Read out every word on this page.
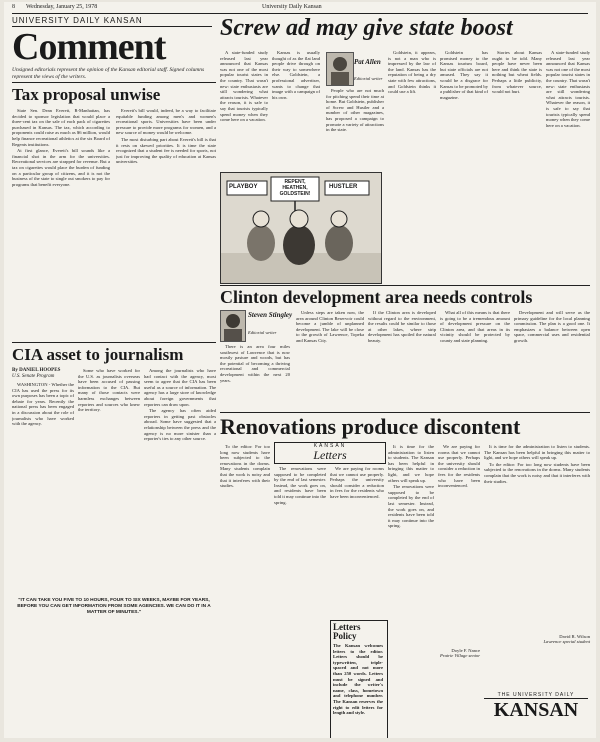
8 Wednesday, January 25, 1978	University Daily Kansan
UNIVERSITY DAILY KANSAN
Comment
Unsigned editorials represent the opinion of the Kansan editorial staff. Signed columns represent the views of the writers.
Screw ad may give state boost

A state-funded study released last year announced that Kansas was not one of the most popular tourist states in the country. That wasn't new: state enthusiasts are still wondering what attracts tourists. Whatever the reason, it is safe to say that tourists typically spend money when they come here on a vacation.

Kansas is usually thought of as the flat land people drive through on their way to somewhere else. Goldstein, a professional advertiser, wants to change that image with a campaign of his own.

Pat Allen
Editorial writer

People who are not much for pitching spend their time at home. But Goldstein, publisher of Screw and Hustler and a number of other magazines, has proposed a campaign to promote a variety of attractions in the state.

Goldstein, it appears, is not a man who is impressed by the law of the land. Kansas has the reputation of being a dry state with few attractions, and Goldstein thinks it could use a lift.

Goldstein has promised money to the Kansas tourism board, but state officials are not amused. They say it would be a disgrace for Kansas to be promoted by a publisher of that kind of magazine.

Stories about Kansas ought to be told. Many people have never been here and think the state is nothing but wheat fields. Perhaps a little publicity, from whatever source, would not hurt.

A state-funded study released last year announced that Kansas was not one of the most popular tourist states in the country. That wasn't new: state enthusiasts are still wondering what attracts tourists. Whatever the reason, it is safe to say that tourists typically spend money when they come here on a vacation.

PLAYBOY
REPENT, HEATHEN, GOLDSTEIN!
HUSTLER
Tax proposal unwise

State Sen. Dean Everett, R-Manhattan, has decided to sponsor legislation that would place a three-cent tax on the sale of each pack of cigarettes purchased in Kansas. The tax, which according to proponents could raise as much as $6 million, would help finance recreational athletics at the six Board of Regents institutions.

At first glance, Everett's bill sounds like a financial shot in the arm for the universities. Recreational services are strapped for revenue. But a tax on cigarettes would place the burden of funding on a particular group of citizens, and it is not the business of the state to single out smokers to pay for programs that benefit everyone.

Everett's bill would, indeed, be a way to facilitate equitable funding among men's and women's recreational sports. Universities have been under pressure to provide more programs for women, and a new source of money would be welcome.

The most disturbing part about Everett's bill is that it rests on skewed priorities. It is time the state recognized that a student fee is needed for sports, not just for improving the quality of education at Kansas universities.

Clinton development area needs controls
Steven Stingley
Editorial writer

There is an area four miles southwest of Lawrence that is now mostly pasture and woods, but has the potential of becoming a thriving recreational and commercial development within the next 20 years.

Unless steps are taken now, the area around Clinton Reservoir could become a jumble of unplanned development. The lake will be close to the growth of Lawrence, Topeka and Kansas City.

If the Clinton area is developed without regard to the environment, the results could be similar to those at other lakes, where strip development has spoiled the natural beauty.

What all of this means is that there is going to be a tremendous amount of development pressure on the Clinton area, and that areas in its vicinity should be protected by county and state planning.

Development and will serve as the primary guideline for the local planning commission. The plan is a good one. It emphasizes a balance between open space, commercial uses and residential growth.

CIA asset to journalism
By DANIEL HOOPES
U.S. Senate Program

WASHINGTON - Whether the CIA has used the press for its own purposes has been a topic of debate for years. Recently the national press has been engaged in a discussion about the role of journalists who have worked with the agency.

Some who have worked for the U.S. as journalists overseas have been accused of passing information to the CIA. But many of those contacts were harmless exchanges between reporters and sources who knew the territory.

Among the journalists who have had contact with the agency, most seem to agree that the CIA has been useful as a source of information. The agency has a large store of knowledge about foreign governments that reporters can draw upon.

The agency has often aided reporters in getting past obstacles abroad. Some have suggested that a relationship between the press and the agency is no more sinister than a reporter's ties to any other source.

"IT CAN TAKE YOU FIVE TO 10 HOURS, FOUR TO SIX WEEKS, MAYBE FOR YEARS, BEFORE YOU CAN GET INFORMATION FROM SOME AGENCIES. WE CAN DO IT IN A MATTER OF MINUTES."
Renovations produce discontent
KANSAN
Letters

To the editor: For too long now students have been subjected to the renovations in the dorms. Many students complain that the work is noisy and that it interferes with their studies.

The renovations were supposed to be completed by the end of last semester. Instead, the work goes on, and residents have been told it may continue into the spring.

We are paying for rooms that we cannot use properly. Perhaps the university should consider a reduction in fees for the residents who have been inconvenienced.

Letters Policy
The Kansan welcomes letters to the editor. Letters should be typewritten, triple-spaced and not more than 250 words. Letters must be signed and include the writer's name, class, hometown and telephone number. The Kansan reserves the right to edit letters for length and style.

It is time for the administration to listen to students. The Kansan has been helpful in bringing this matter to light, and we hope others will speak up.

The renovations were supposed to be completed by the end of last semester. Instead, the work goes on, and residents have been told it may continue into the spring.

We are paying for rooms that we cannot use properly. Perhaps the university should consider a reduction in fees for the residents who have been inconvenienced.

Doyle F. Nance
Prairie Village senior

It is time for the administration to listen to students. The Kansan has been helpful in bringing this matter to light, and we hope others will speak up.

To the editor: For too long now students have been subjected to the renovations in the dorms. Many students complain that the work is noisy and that it interferes with their studies.

David R. Wilson
Lawrence special student
THE UNIVERSITY DAILY
KANSAN
